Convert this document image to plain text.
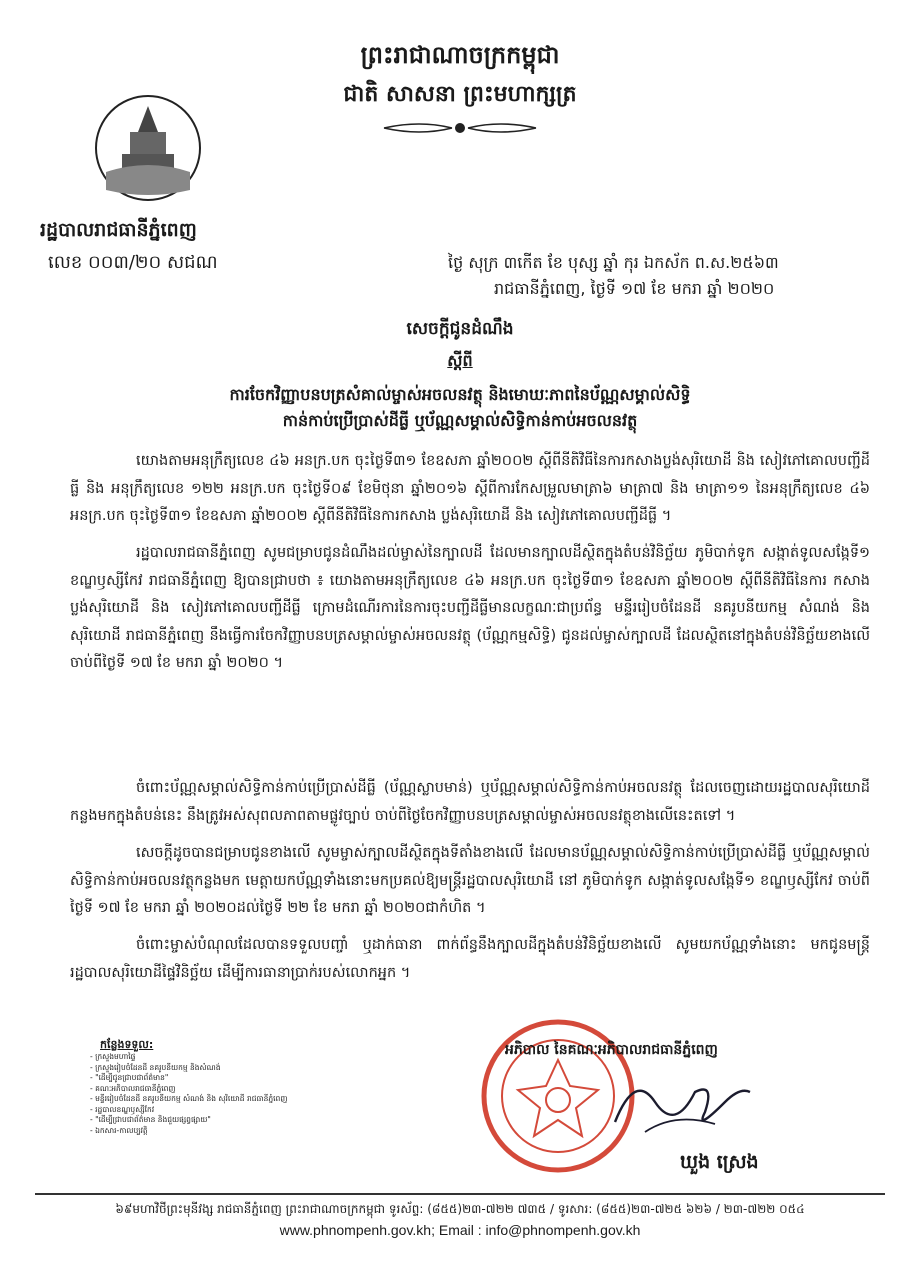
ព្រះរាជាណាចក្រកម្ពុជា
ជាតិ សាសនា ព្រះមហាក្សត្រ
រដ្ឋបាលរាជធានីភ្នំពេញ
លេខ ០០៣/២០ សជណ	ថ្ងៃ សុក្រ ៣កើត ខែ បុស្ស ឆ្នាំ កុរ ឯកស័ក ព.ស.២៥៦៣
រាជធានីភ្នំពេញ, ថ្ងៃទី ១៧ ខែ មករា ឆ្នាំ ២០២០
សេចក្តីជូនដំណឹង
ស្តីពី
ការចែកវិញ្ញាបនបត្រសំគាល់ម្ចាស់អចលនវត្ថុ និងមោឃៈភាពនៃប័ណ្ណសម្គាល់សិទ្ធិ
កាន់កាប់ប្រើប្រាស់ដីធ្លី ឬប័ណ្ណសម្គាល់សិទ្ធិកាន់កាប់អចលនវត្ថុ
យោងតាមអនុក្រឹត្យលេខ ៤៦ អនក្រ.បក ចុះថ្ងៃទី៣១ ខែឧសភា ឆ្នាំ២០០២ ស្តីពីនីតិវិធីនៃការកសាងប្លង់សុរិយោដី និង សៀវភៅគោលបញ្ជីដីធ្លី និង អនុក្រឹត្យលេខ ១២២ អនក្រ.បក ចុះថ្ងៃទី០៩ ខែមិថុនា ឆ្នាំ២០១៦ ស្តីពីការកែសម្រួលមាត្រា៦ មាត្រា៧ និង មាត្រា១១ នៃអនុក្រឹត្យលេខ ៤៦ អនក្រ.បក ចុះថ្ងៃទី៣១ ខែឧសភា ឆ្នាំ២០០២ ស្តីពីនីតិវិធីនៃការកសាង ប្លង់សុរិយោដី និង សៀវភៅគោលបញ្ជីដីធ្លី ។
រដ្ឋបាលរាជធានីភ្នំពេញ សូមជម្រាបជូនដំណឹងដល់ម្ចាស់នៃក្បាលដី ដែលមានក្បាលដីស្ថិតក្នុងតំបន់វិនិច្ឆ័យ ភូមិបាក់ទូក សង្កាត់ទូលសង្កែទី១ ខណ្ឌឫស្សីកែវ រាជធានីភ្នំពេញ ឱ្យបានជ្រាបថា ៖ យោងតាមអនុក្រឹត្យលេខ ៤៦ អនក្រ.បក ចុះថ្ងៃទី៣១ ខែឧសភា ឆ្នាំ២០០២ ស្តីពីនីតិវិធីនៃការ កសាងប្លង់សុរិយោដី និង សៀវភៅគោលបញ្ជីដីធ្លី ក្រោមដំណើរការនៃការចុះបញ្ជីដីធ្លីមានលក្ខណៈជាប្រព័ន្ធ មន្ទីររៀបចំដែនដី នគរូបនីយកម្ម សំណង់ និង សុរិយោដី រាជធានីភ្នំពេញ នឹងធ្វើការចែកវិញ្ញាបនបត្រសម្គាល់ម្ចាស់អចលនវត្ថុ (ប័ណ្ណកម្មសិទ្ធិ) ជូនដល់ម្ចាស់ក្បាលដី ដែលស្ថិតនៅក្នុងតំបន់វិនិច្ឆ័យខាងលើ ចាប់ពីថ្ងៃទី ១៧ ខែ មករា ឆ្នាំ ២០២០ ។
ចំពោះប័ណ្ណសម្គាល់សិទ្ធិកាន់កាប់ប្រើប្រាស់ដីធ្លី (ប័ណ្ណស្លាបមាន់) ឬប័ណ្ណសម្គាល់សិទ្ធិកាន់កាប់អចលនវត្ថុ ដែលចេញដោយរដ្ឋបាលសុរិយោដីកន្លងមកក្នុងតំបន់នេះ នឹងត្រូវអស់សុពលភាពតាមផ្លូវច្បាប់ ចាប់ពីថ្ងៃចែកវិញ្ញាបនបត្រសម្គាល់ម្ចាស់អចលនវត្ថុខាងលើនេះតទៅ ។
សេចក្តីដូចបានជម្រាបជូនខាងលើ សូមម្ចាស់ក្បាលដីស្ថិតក្នុងទីតាំងខាងលើ ដែលមានប័ណ្ណសម្គាល់សិទ្ធិកាន់កាប់ប្រើប្រាស់ដីធ្លី ឬប័ណ្ណសម្គាល់សិទ្ធិកាន់កាប់អចលនវត្ថុកន្លងមក មេត្តាយកប័ណ្ណទាំងនោះមកប្រគល់ឱ្យមន្ត្រីរដ្ឋបាលសុរិយោដី នៅ ភូមិបាក់ទូក សង្កាត់ទូលសង្កែទី១ ខណ្ឌឫស្សីកែវ ចាប់ពីថ្ងៃទី ១៧ ខែ មករា ឆ្នាំ ២០២០ដល់ថ្ងៃទី ២២ ខែ មករា ឆ្នាំ ២០២០ជាកំហិត ។
ចំពោះម្ចាស់បំណុលដែលបានទទួលបញ្ចាំ ឬដាក់ធានា ពាក់ព័ន្ធនឹងក្បាលដីក្នុងតំបន់វិនិច្ឆ័យខាងលើ សូមយកប័ណ្ណទាំងនោះ មកជូនមន្ត្រីរដ្ឋបាលសុរិយោដីផ្ទៃវិនិច្ឆ័យ ដើម្បីការធានាប្រាក់របស់លោកអ្នក ។
កន្លែងទទួល:
- ក្រសួងមហាផ្ទៃ
- ក្រសួងរៀបចំដែនដី នគរូបនីយកម្ម និងសំណង់
- "ដើម្បីជូនជ្រាបជាព័ត៌មាន"
- គណៈអភិបាលរាជធានីភ្នំពេញ
- មន្ទីររៀបចំដែនដី នគរូបនីយកម្ម សំណង់ និង សុរិយោដី រាជធានីភ្នំពេញ
- រដ្ឋបាលខណ្ឌឫស្សីកែវ
- "ដើម្បីជ្រាបជាព័ត៌មាន និងជួយផ្សព្វផ្សាយ"
- ឯកសារ-កាលប្បវត្តិ
អភិបាល នៃគណៈអភិបាលរាជធានីភ្នំពេញ
ឃួង ស្រេង
៦៩មហាវិថីព្រះមុនីវង្ស រាជធានីភ្នំពេញ ព្រះរាជាណាចក្រកម្ពុជា ទូរស័ព្ទ: (៨៥៥)២៣-៧២២ ៧៣៥ / ទូរសារ: (៨៥៥)២៣-៧២៥ ៦២៦ / ២៣-៧២២ ០៥៤
www.phnompenh.gov.kh; Email : info@phnompenh.gov.kh
